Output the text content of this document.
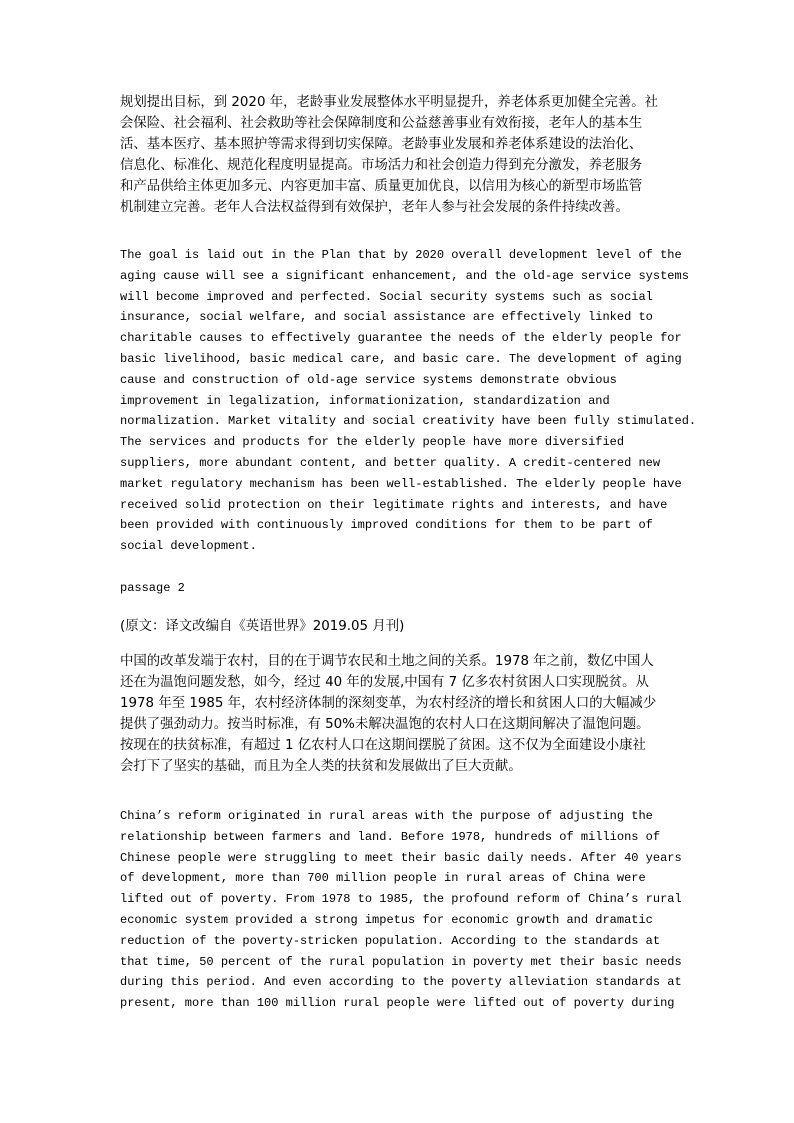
规划提出目标，到 2020 年，老龄事业发展整体水平明显提升，养老体系更加健全完善。社
会保险、社会福利、社会救助等社会保障制度和公益慈善事业有效衔接，老年人的基本生
活、基本医疗、基本照护等需求得到切实保障。老龄事业发展和养老体系建设的法治化、
信息化、标准化、规范化程度明显提高。市场活力和社会创造力得到充分激发，养老服务
和产品供给主体更加多元、内容更加丰富、质量更加优良，以信用为核心的新型市场监管
机制建立完善。老年人合法权益得到有效保护，老年人参与社会发展的条件持续改善。
The goal is laid out in the Plan that by 2020 overall development level of the
aging cause will see a significant enhancement, and the old-age service systems
will become improved and perfected. Social security systems such as social
insurance, social welfare, and social assistance are effectively linked to
charitable causes to effectively guarantee the needs of the elderly people for
basic livelihood, basic medical care, and basic care. The development of aging
cause and construction of old-age service systems demonstrate obvious
improvement in legalization, informationization, standardization and
normalization. Market vitality and social creativity have been fully stimulated.
The services and products for the elderly people have more diversified
suppliers, more abundant content, and better quality. A credit-centered new
market regulatory mechanism has been well-established. The elderly people have
received solid protection on their legitimate rights and interests, and have
been provided with continuously improved conditions for them to be part of
social development.
passage 2
(原文：译文改编自《英语世界》2019.05 月刊)
中国的改革发端于农村，目的在于调节农民和土地之间的关系。1978 年之前，数亿中国人
还在为温饱问题发愁，如今，经过 40 年的发展,中国有 7 亿多农村贫困人口实现脱贫。从
1978 年至 1985 年，农村经济体制的深刻变革，为农村经济的增长和贫困人口的大幅减少
提供了强劲动力。按当时标准，有 50%未解决温饱的农村人口在这期间解决了温饱问题。
按现在的扶贫标准，有超过 1 亿农村人口在这期间摆脱了贫困。这不仅为全面建设小康社
会打下了坚实的基础，而且为全人类的扶贫和发展做出了巨大贡献。
China’s reform originated in rural areas with the purpose of adjusting the
relationship between farmers and land. Before 1978, hundreds of millions of
Chinese people were struggling to meet their basic daily needs. After 40 years
of development, more than 700 million people in rural areas of China were
lifted out of poverty. From 1978 to 1985, the profound reform of China’s rural
economic system provided a strong impetus for economic growth and dramatic
reduction of the poverty-stricken population. According to the standards at
that time, 50 percent of the rural population in poverty met their basic needs
during this period. And even according to the poverty alleviation standards at
present, more than 100 million rural people were lifted out of poverty during
